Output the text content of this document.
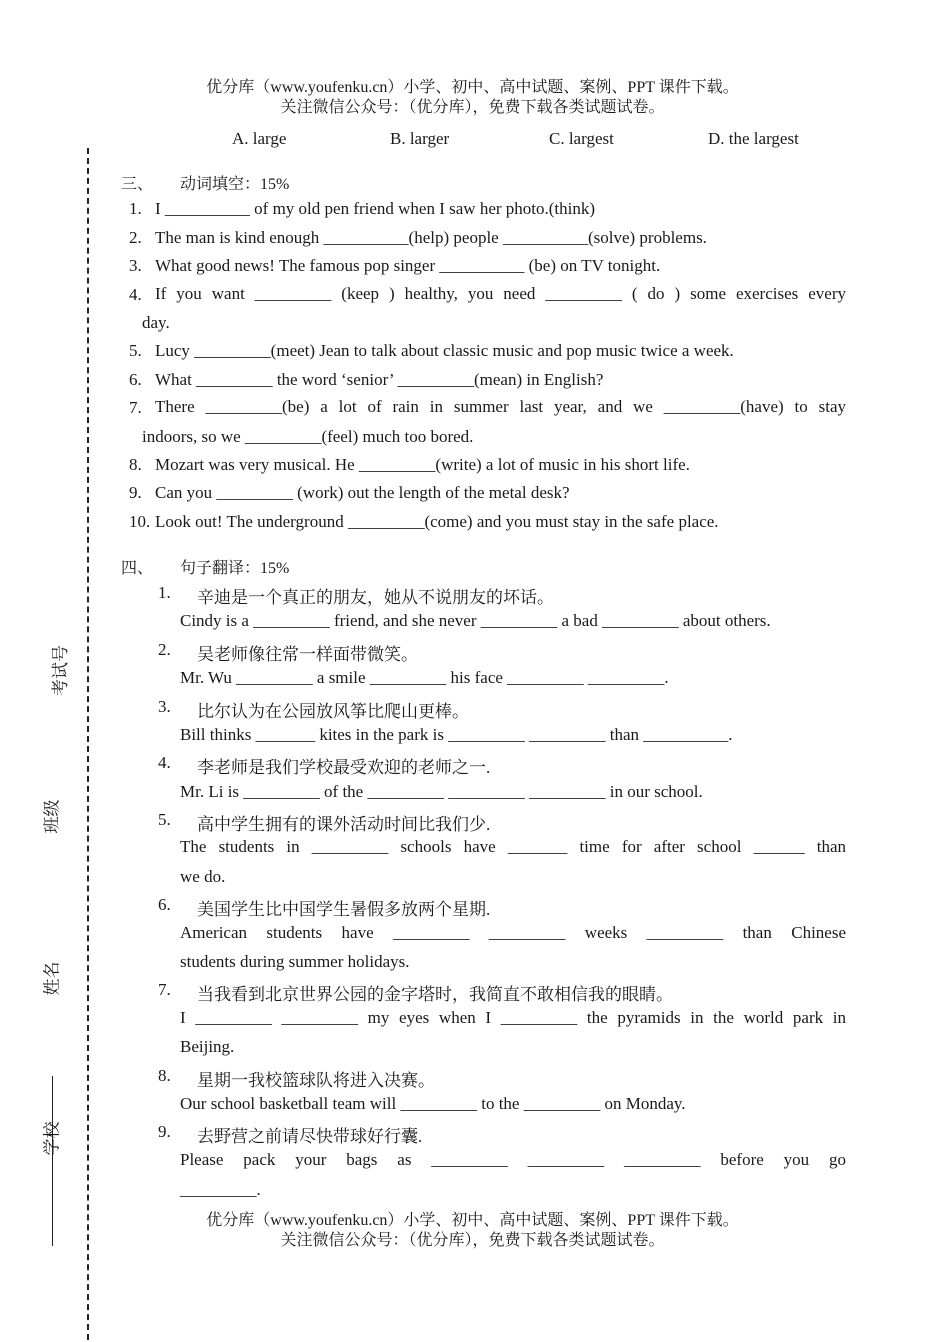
优分库（www.youfenku.cn）小学、初中、高中试题、案例、PPT 课件下载。
关注微信公众号：（优分库），免费下载各类试题试卷。
考试号
班级
姓名
学校
A. large	B. larger	C. largest	D. the largest
三、 动词填空：15%
1. I __________ of my old pen friend when I saw her photo.(think)
2. The man is kind enough __________(help) people __________(solve) problems.
3. What good news! The famous pop singer __________ (be) on TV tonight.
4. If you want _________ (keep ) healthy, you need _________ ( do ) some exercises every
day.
5. Lucy _________(meet) Jean to talk about classic music and pop music twice a week.
6. What _________ the word ‘senior’ _________(mean) in English?
7. There _________(be) a lot of rain in summer last year, and we _________(have) to stay
indoors, so we _________(feel) much too bored.
8. Mozart was very musical. He _________(write) a lot of music in his short life.
9. Can you _________ (work) out the length of the metal desk?
10. Look out! The underground _________(come) and you must stay in the safe place.
四、 句子翻译：15%
1. 辛迪是一个真正的朋友，她从不说朋友的坏话。
Cindy is a _________ friend, and she never _________ a bad _________ about others.
2. 吴老师像往常一样面带微笑。
Mr. Wu _________ a smile _________ his face _________ _________.
3. 比尔认为在公园放风筝比爬山更棒。
Bill thinks _______ kites in the park is _________ _________ than __________.
4. 李老师是我们学校最受欢迎的老师之一.
Mr. Li is _________ of the _________ _________ _________ in our school.
5. 高中学生拥有的课外活动时间比我们少.
The students in _________ schools have _______ time for after school ______ than
we do.
6. 美国学生比中国学生暑假多放两个星期.
American students have _________ _________ weeks _________ than Chinese
students during summer holidays.
7. 当我看到北京世界公园的金字塔时，我简直不敢相信我的眼睛。
I _________ _________ my eyes when I _________ the pyramids in the world park in
Beijing.
8. 星期一我校篮球队将进入决赛。
Our school basketball team will _________ to the _________ on Monday.
9. 去野营之前请尽快带球好行囊.
Please pack your bags as _________ _________ _________ before you go
_________.
优分库（www.youfenku.cn）小学、初中、高中试题、案例、PPT 课件下载。
关注微信公众号：（优分库），免费下载各类试题试卷。
